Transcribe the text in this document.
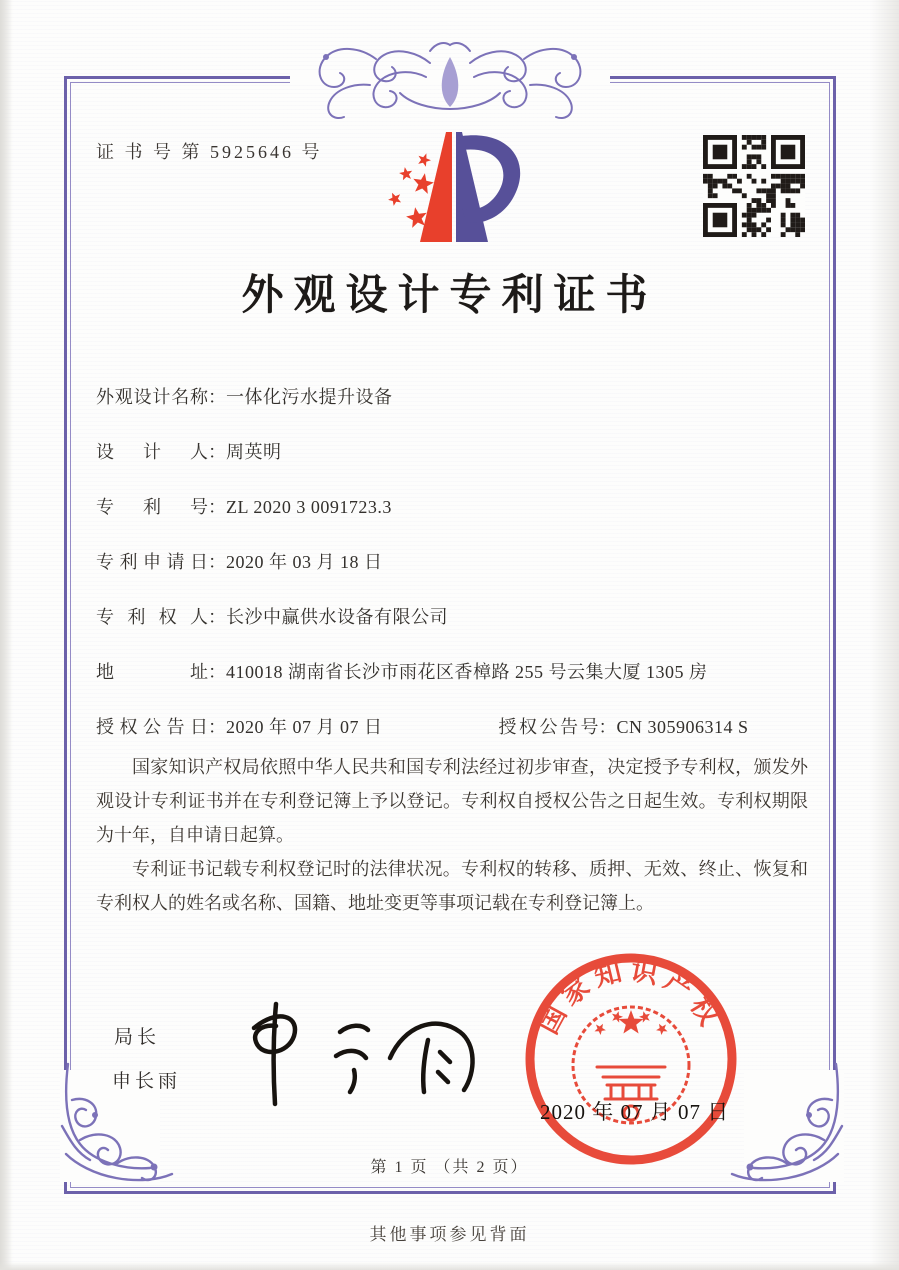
证 书 号 第 5925646 号
外观设计专利证书
外观设计名称：一体化污水提升设备
设计人：周英明
专利号：ZL 2020 3 0091723.3
专利申请日：2020 年 03 月 18 日
专利权人：长沙中赢供水设备有限公司
地址：410018 湖南省长沙市雨花区香樟路 255 号云集大厦 1305 房
授权公告日：2020 年 07 月 07 日	授权公告号：CN 305906314 S

国家知识产权局依照中华人民共和国专利法经过初步审查，决定授予专利权，颁发外观设计专利证书并在专利登记簿上予以登记。专利权自授权公告之日起生效。专利权期限为十年，自申请日起算。

专利证书记载专利权登记时的法律状况。专利权的转移、质押、无效、终止、恢复和专利权人的姓名或名称、国籍、地址变更等事项记载在专利登记簿上。

局长
申长雨
国家知识产权局
2020 年 07 月 07 日
第 1 页 （共 2 页）
其他事项参见背面
